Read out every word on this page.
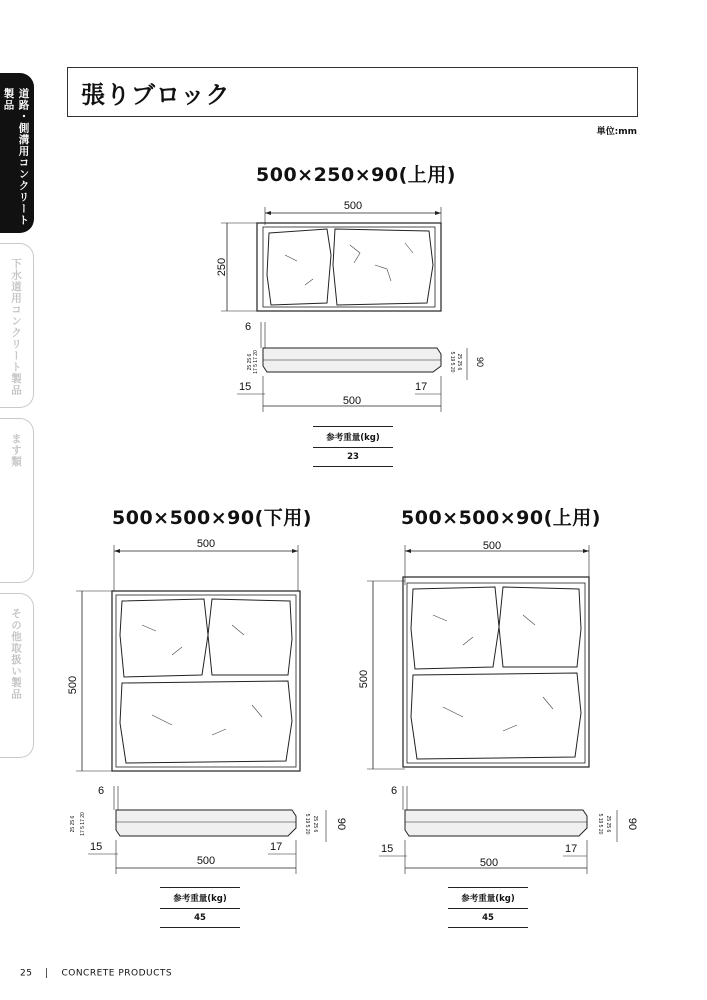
道路・側溝用コンクリート製品
下水道用コンクリート製品
ます類
その他取扱い製品
張りブロック
単位:mm
500×250×90(上用)
500
250
6
25 25 6 17 5 17 20	5 19 5 20 25 25 6 90
15	17
500
参考重量(kg)
23
500×500×90(下用)
500
500
6
25 25 6 17 5 17 20	5 19 5 20 25 25 6 90
15	17
500
参考重量(kg)
45
500×500×90(上用)
500
500
6
5 19 5 20 25 25 6 90
15	17
500
参考重量(kg)
45
25	CONCRETE PRODUCTS
